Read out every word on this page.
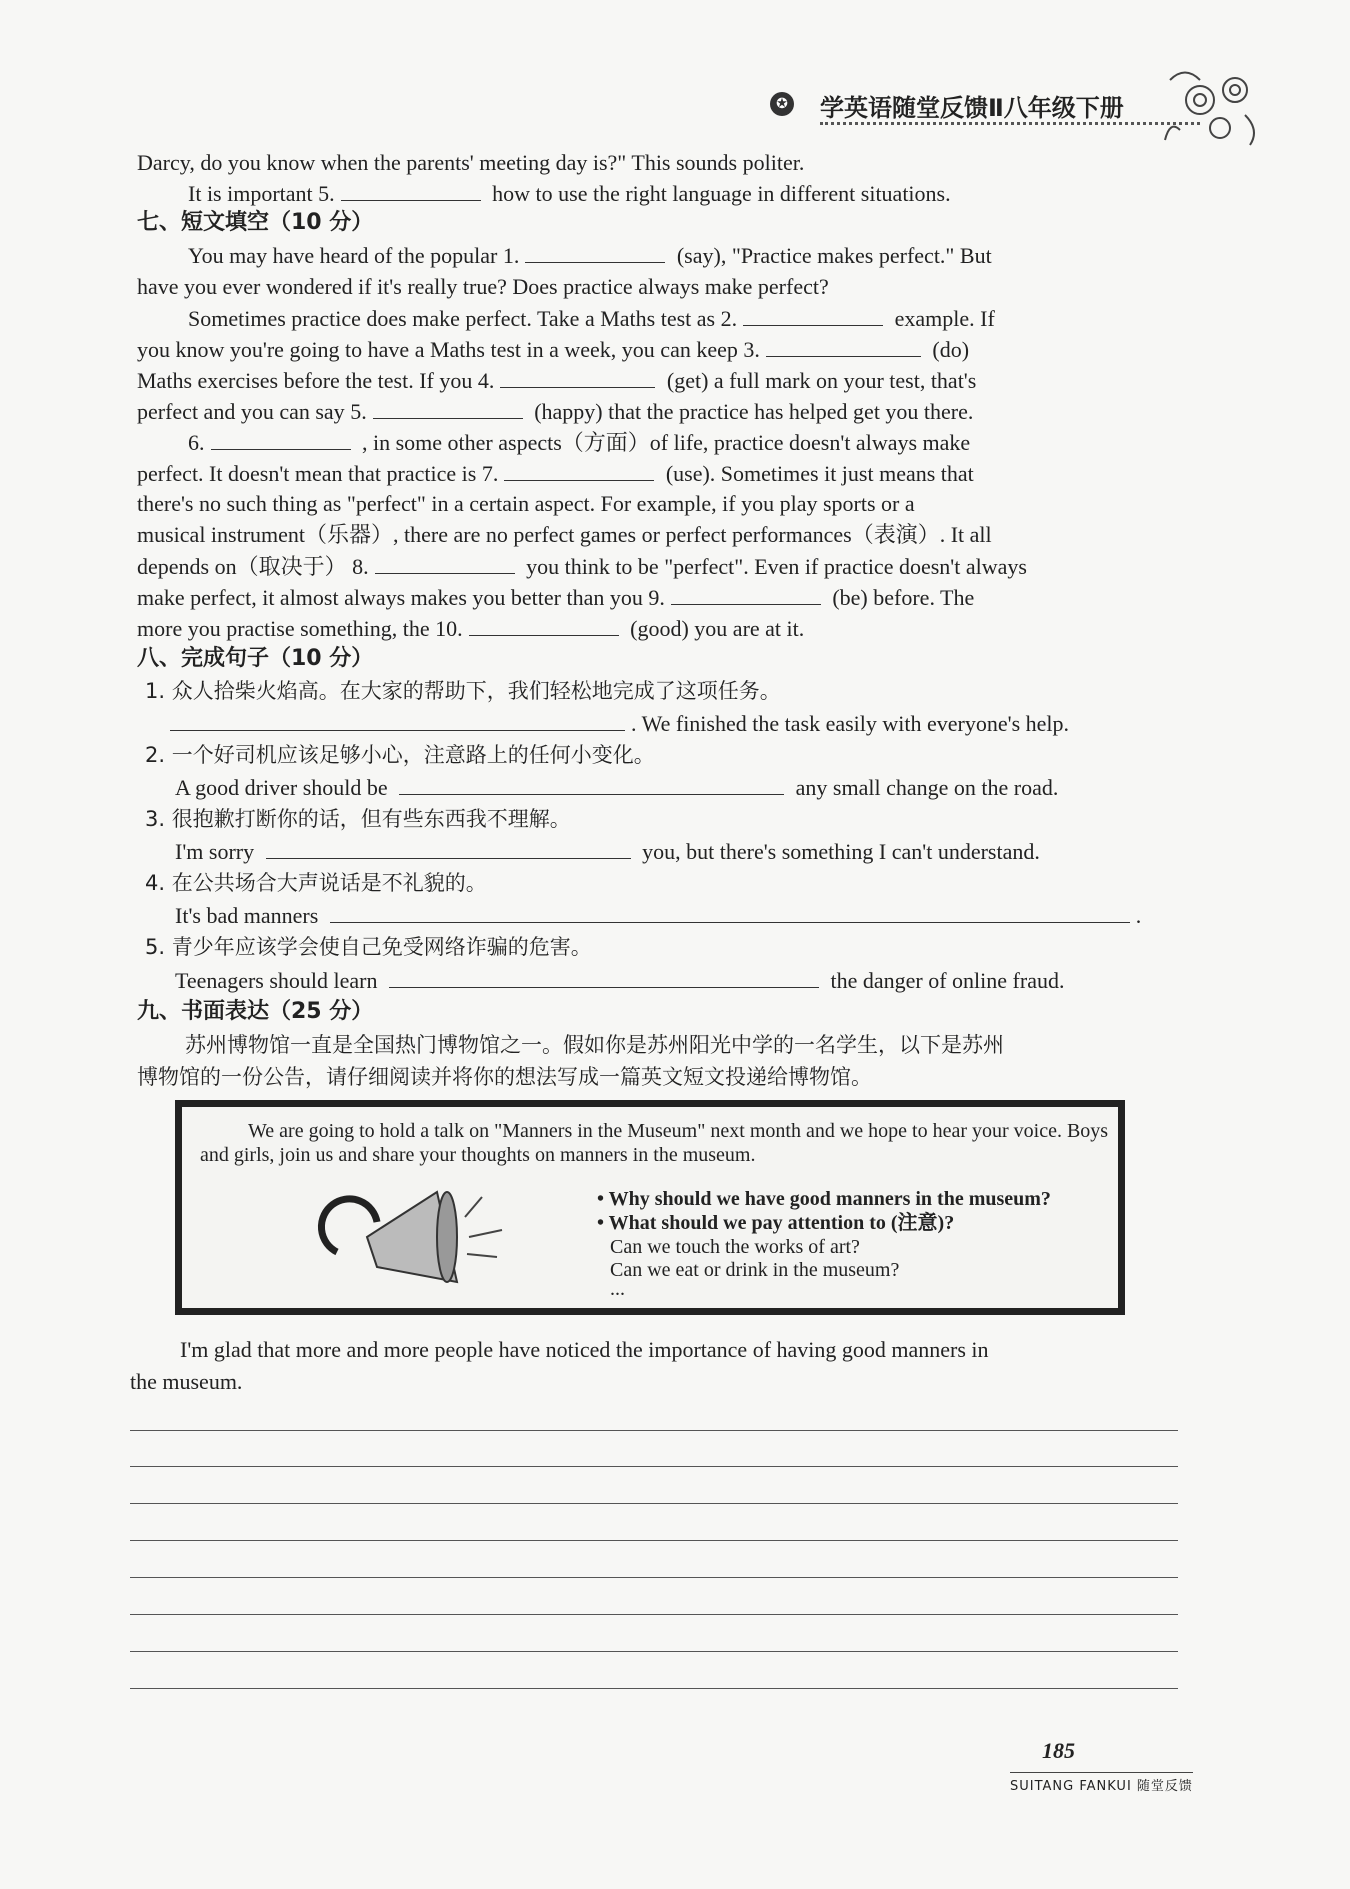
✪ 学英语随堂反馈Ⅱ八年级下册
Darcy, do you know when the parents' meeting day is?" This sounds politer.
It is important 5.	how to use the right language in different situations.
七、短文填空（10 分）
You may have heard of the popular 1.	(say), "Practice makes perfect." But
have you ever wondered if it's really true? Does practice always make perfect?
Sometimes practice does make perfect. Take a Maths test as 2.	example. If
you know you're going to have a Maths test in a week, you can keep 3.	(do)
Maths exercises before the test. If you 4.	(get) a full mark on your test, that's
perfect and you can say 5.	(happy) that the practice has helped get you there.
6.	, in some other aspects（方面）of life, practice doesn't always make
perfect. It doesn't mean that practice is 7.	(use). Sometimes it just means that
there's no such thing as "perfect" in a certain aspect. For example, if you play sports or a
musical instrument（乐器）, there are no perfect games or perfect performances（表演）. It all
depends on（取决于） 8.	you think to be "perfect". Even if practice doesn't always
make perfect, it almost always makes you better than you 9.	(be) before. The
more you practise something, the 10.	(good) you are at it.
八、完成句子（10 分）
1. 众人拾柴火焰高。在大家的帮助下，我们轻松地完成了这项任务。
. We finished the task easily with everyone's help.
2. 一个好司机应该足够小心，注意路上的任何小变化。
A good driver should be	any small change on the road.
3. 很抱歉打断你的话，但有些东西我不理解。
I'm sorry	you, but there's something I can't understand.
4. 在公共场合大声说话是不礼貌的。
It's bad manners	.
5. 青少年应该学会使自己免受网络诈骗的危害。
Teenagers should learn	the danger of online fraud.
九、书面表达（25 分）
苏州博物馆一直是全国热门博物馆之一。假如你是苏州阳光中学的一名学生，以下是苏州
博物馆的一份公告，请仔细阅读并将你的想法写成一篇英文短文投递给博物馆。
We are going to hold a talk on "Manners in the Museum" next month and we hope to hear your voice. Boys and girls, join us and share your thoughts on manners in the museum.
• Why should we have good manners in the museum?
• What should we pay attention to (注意)?
Can we touch the works of art?
Can we eat or drink in the museum?
...
I'm glad that more and more people have noticed the importance of having good manners in
the museum.
185
SUITANG FANKUI 随堂反馈
